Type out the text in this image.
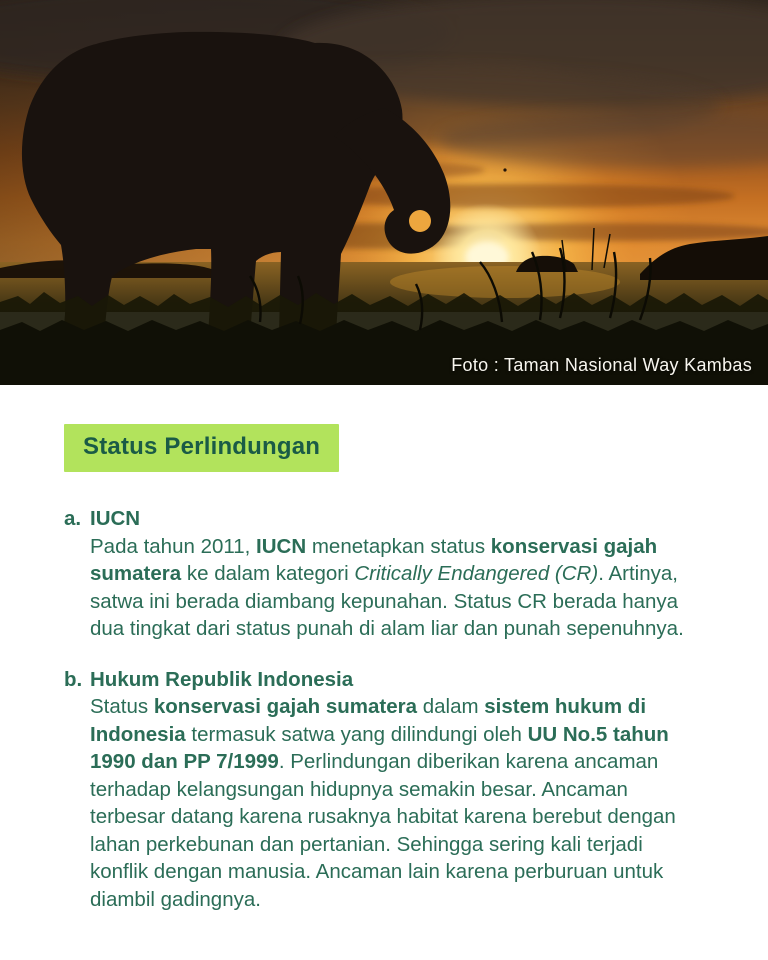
Foto : Taman Nasional Way Kambas
Status Perlindungan
a. IUCN
Pada tahun 2011, IUCN menetapkan status konservasi gajah sumatera ke dalam kategori Critically Endangered (CR). Artinya, satwa ini berada diambang kepunahan. Status CR berada hanya dua tingkat dari status punah di alam liar dan punah sepenuhnya.
b. Hukum Republik Indonesia
Status konservasi gajah sumatera dalam sistem hukum di Indonesia termasuk satwa yang dilindungi oleh UU No.5 tahun 1990 dan PP 7/1999. Perlindungan diberikan karena ancaman terhadap kelangsungan hidupnya semakin besar. Ancaman terbesar datang karena rusaknya habitat karena berebut dengan lahan perkebunan dan pertanian. Sehingga sering kali terjadi konflik dengan manusia. Ancaman lain karena perburuan untuk diambil gadingnya.
